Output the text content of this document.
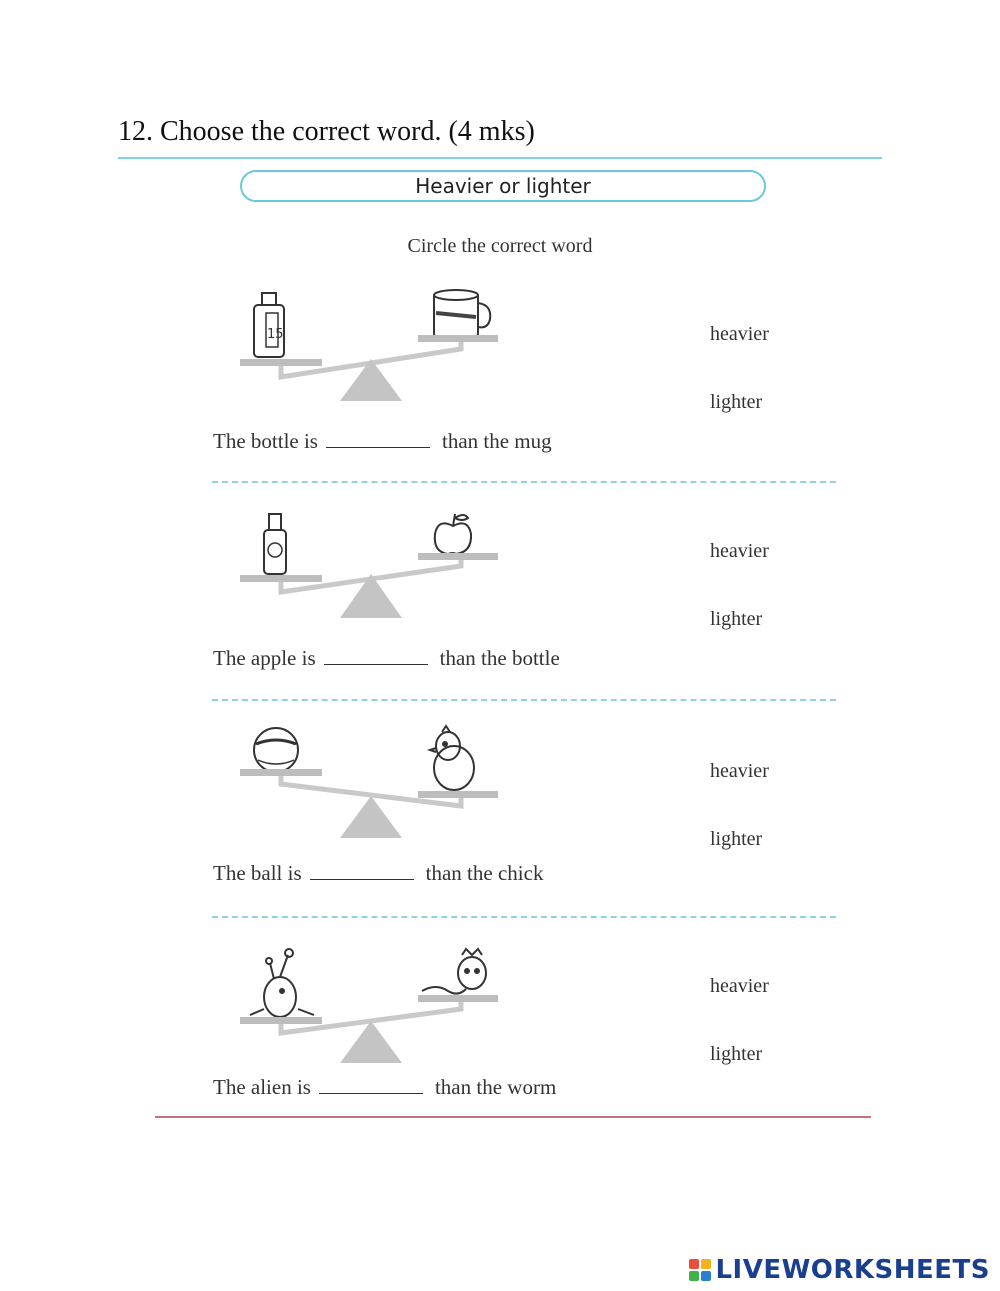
12. Choose the correct word. (4 mks)
Heavier or lighter
Circle the correct word
15	heavier
lighter
The bottle is	than the mug
heavier
lighter
The apple is	than the bottle
heavier
lighter
The ball is	than the chick
heavier
lighter
The alien is	than the worm
LIVEWORKSHEETS
